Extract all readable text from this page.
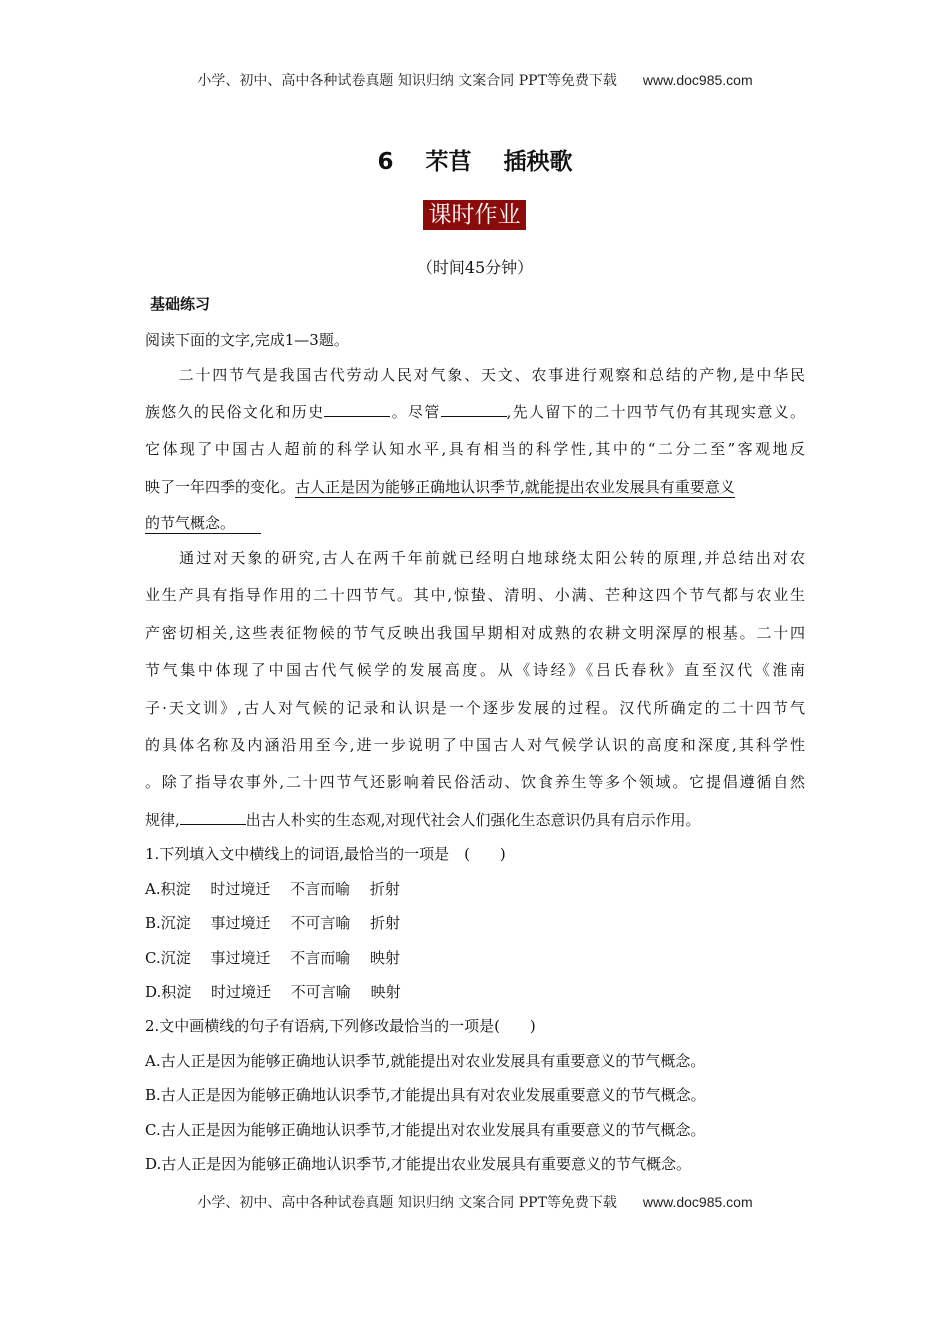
小学、初中、高中各种试卷真题 知识归纳 文案合同 PPT等免费下载 www.doc985.com
6 芣苢 插秧歌
课时作业
（时间45分钟）
基础练习
阅读下面的文字,完成1—3题。
　　二十四节气是我国古代劳动人民对气象、天文、农事进行观察和总结的产物,是中华民
族悠久的民俗文化和历史	。尽管	,先人留下的二十四节气仍有其现实意义。
它体现了中国古人超前的科学认知水平,具有相当的科学性,其中的“二分二至”客观地反
映了一年四季的变化。古人正是因为能够正确地认识季节,就能提出农业发展具有重要意义
的节气概念。
　　通过对天象的研究,古人在两千年前就已经明白地球绕太阳公转的原理,并总结出对农
业生产具有指导作用的二十四节气。其中,惊蛰、清明、小满、芒种这四个节气都与农业生
产密切相关,这些表征物候的节气反映出我国早期相对成熟的农耕文明深厚的根基。二十四
节气集中体现了中国古代气候学的发展高度。从《诗经》《吕氏春秋》直至汉代《淮南
子·天文训》,古人对气候的记录和认识是一个逐步发展的过程。汉代所确定的二十四节气
的具体名称及内涵沿用至今,进一步说明了中国古人对气候学认识的高度和深度,其科学性
。除了指导农事外,二十四节气还影响着民俗活动、饮食养生等多个领域。它提倡遵循自然
规律,	出古人朴实的生态观,对现代社会人们强化生态意识仍具有启示作用。
1.下列填入文中横线上的词语,最恰当的一项是　(　　)
A.积淀　 时过境迁　 不言而喻　 折射
B.沉淀　 事过境迁　 不可言喻　 折射
C.沉淀　 事过境迁　 不言而喻　 映射
D.积淀　 时过境迁　 不可言喻　 映射
2.文中画横线的句子有语病,下列修改最恰当的一项是(　　)
A.古人正是因为能够正确地认识季节,就能提出对农业发展具有重要意义的节气概念。
B.古人正是因为能够正确地认识季节,才能提出具有对农业发展重要意义的节气概念。
C.古人正是因为能够正确地认识季节,才能提出对农业发展具有重要意义的节气概念。
D.古人正是因为能够正确地认识季节,才能提出农业发展具有重要意义的节气概念。
小学、初中、高中各种试卷真题 知识归纳 文案合同 PPT等免费下载 www.doc985.com
